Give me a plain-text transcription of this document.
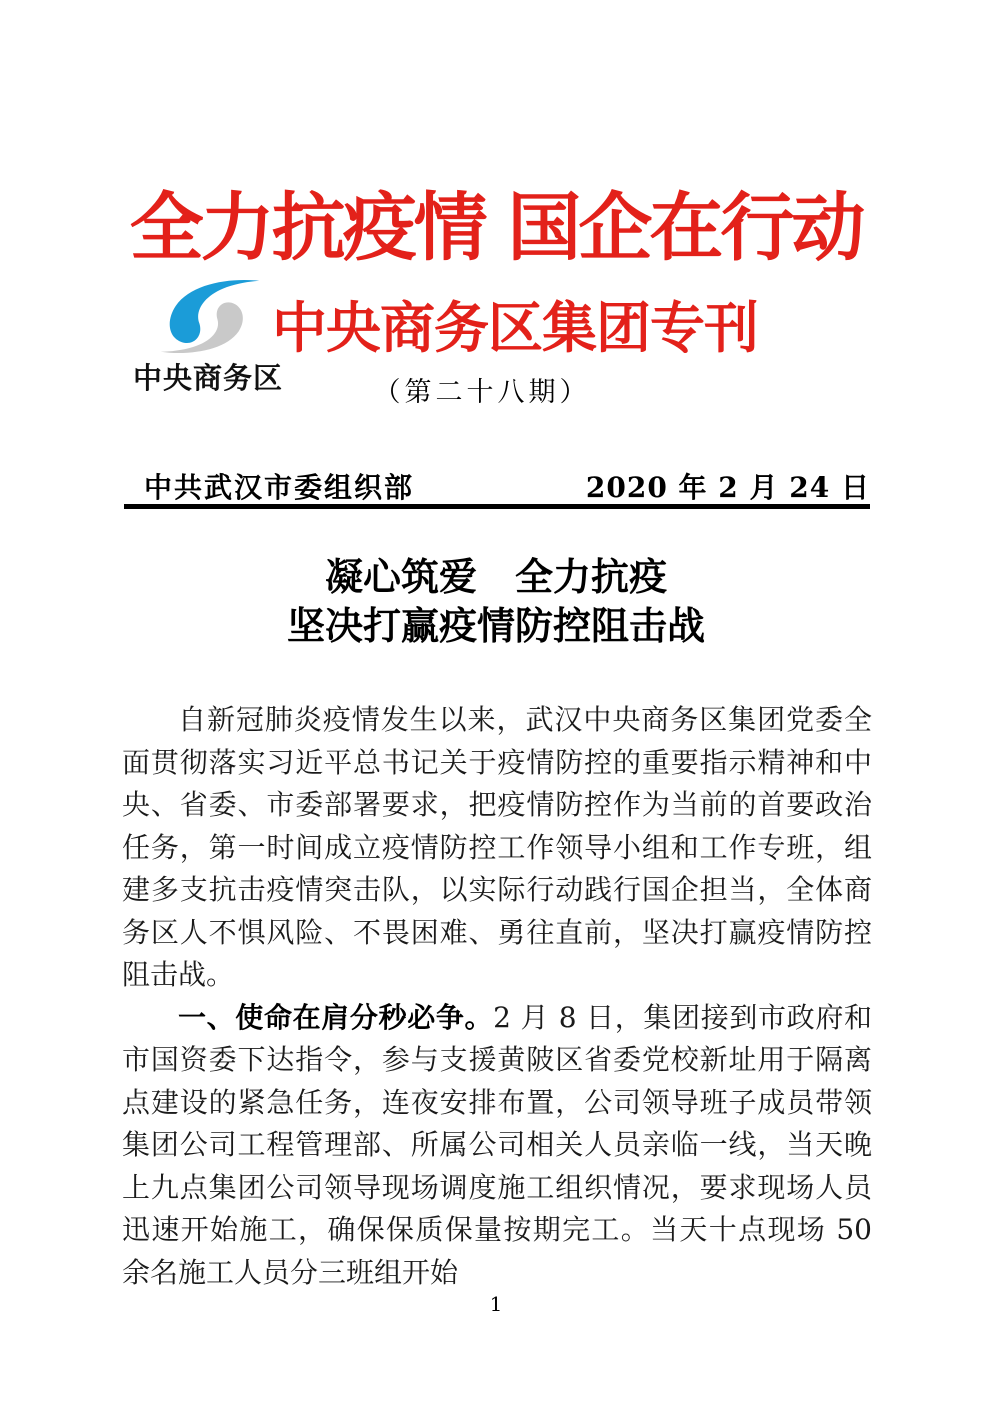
全力抗疫情 国企在行动
中央商务区
中央商务区集团专刊
（第二十八期）
中共武汉市委组织部	2020 年 2 月 24 日
凝心筑爱　全力抗疫
坚决打赢疫情防控阻击战

自新冠肺炎疫情发生以来，武汉中央商务区集团党委全面贯彻落实习近平总书记关于疫情防控的重要指示精神和中央、省委、市委部署要求，把疫情防控作为当前的首要政治任务，第一时间成立疫情防控工作领导小组和工作专班，组建多支抗击疫情突击队，以实际行动践行国企担当，全体商务区人不惧风险、不畏困难、勇往直前，坚决打赢疫情防控阻击战。

一、使命在肩分秒必争。2 月 8 日，集团接到市政府和市国资委下达指令，参与支援黄陂区省委党校新址用于隔离点建设的紧急任务，连夜安排布置，公司领导班子成员带领集团公司工程管理部、所属公司相关人员亲临一线，当天晚上九点集团公司领导现场调度施工组织情况，要求现场人员迅速开始施工，确保保质保量按期完工。当天十点现场 50 余名施工人员分三班组开始

1
